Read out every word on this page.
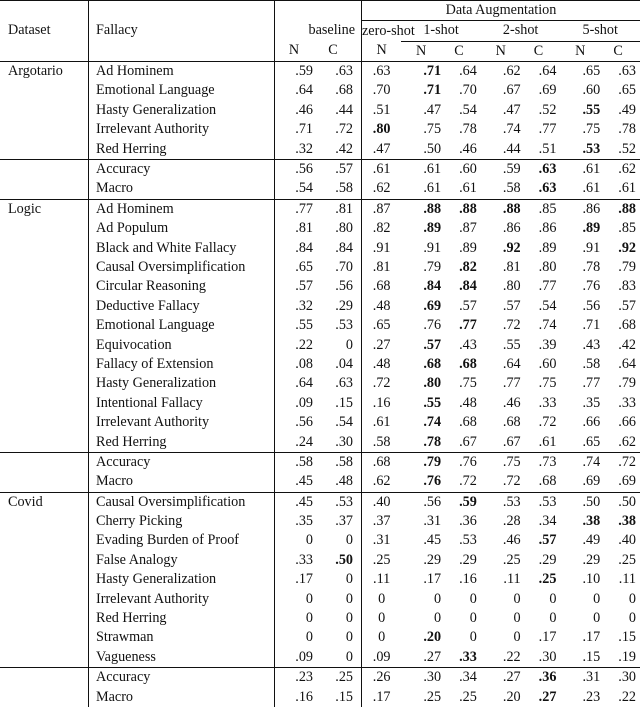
				Data Augmentation						
Dataset	Fallacy	baseline		zero-shot	1-shot		2-shot		5-shot	
		N	C	N	N	C	N	C	N	C
Argotario	Ad Hominem	.59	.63	.63	.71	.64	.62	.64	.65	.63
	Emotional Language	.64	.68	.70	.71	.70	.67	.69	.60	.65
	Hasty Generalization	.46	.44	.51	.47	.54	.47	.52	.55	.49
	Irrelevant Authority	.71	.72	.80	.75	.78	.74	.77	.75	.78
	Red Herring	.32	.42	.47	.50	.46	.44	.51	.53	.52
	Accuracy	.56	.57	.61	.61	.60	.59	.63	.61	.62
	Macro	.54	.58	.62	.61	.61	.58	.63	.61	.61
Logic	Ad Hominem	.77	.81	.87	.88	.88	.88	.85	.86	.88
	Ad Populum	.81	.80	.82	.89	.87	.86	.86	.89	.85
	Black and White Fallacy	.84	.84	.91	.91	.89	.92	.89	.91	.92
	Causal Oversimplification	.65	.70	.81	.79	.82	.81	.80	.78	.79
	Circular Reasoning	.57	.56	.68	.84	.84	.80	.77	.76	.83
	Deductive Fallacy	.32	.29	.48	.69	.57	.57	.54	.56	.57
	Emotional Language	.55	.53	.65	.76	.77	.72	.74	.71	.68
	Equivocation	.22	0	.27	.57	.43	.55	.39	.43	.42
	Fallacy of Extension	.08	.04	.48	.68	.68	.64	.60	.58	.64
	Hasty Generalization	.64	.63	.72	.80	.75	.77	.75	.77	.79
	Intentional Fallacy	.09	.15	.16	.55	.48	.46	.33	.35	.33
	Irrelevant Authority	.56	.54	.61	.74	.68	.68	.72	.66	.66
	Red Herring	.24	.30	.58	.78	.67	.67	.61	.65	.62
	Accuracy	.58	.58	.68	.79	.76	.75	.73	.74	.72
	Macro	.45	.48	.62	.76	.72	.72	.68	.69	.69
Covid	Causal Oversimplification	.45	.53	.40	.56	.59	.53	.53	.50	.50
	Cherry Picking	.35	.37	.37	.31	.36	.28	.34	.38	.38
	Evading Burden of Proof	0	0	.31	.45	.53	.46	.57	.49	.40
	False Analogy	.33	.50	.25	.29	.29	.25	.29	.29	.25
	Hasty Generalization	.17	0	.11	.17	.16	.11	.25	.10	.11
	Irrelevant Authority	0	0	0	0	0	0	0	0	0
	Red Herring	0	0	0	0	0	0	0	0	0
	Strawman	0	0	0	.20	0	0	.17	.17	.15
	Vagueness	.09	0	.09	.27	.33	.22	.30	.15	.19
	Accuracy	.23	.25	.26	.30	.34	.27	.36	.31	.30
	Macro	.16	.15	.17	.25	.25	.20	.27	.23	.22
